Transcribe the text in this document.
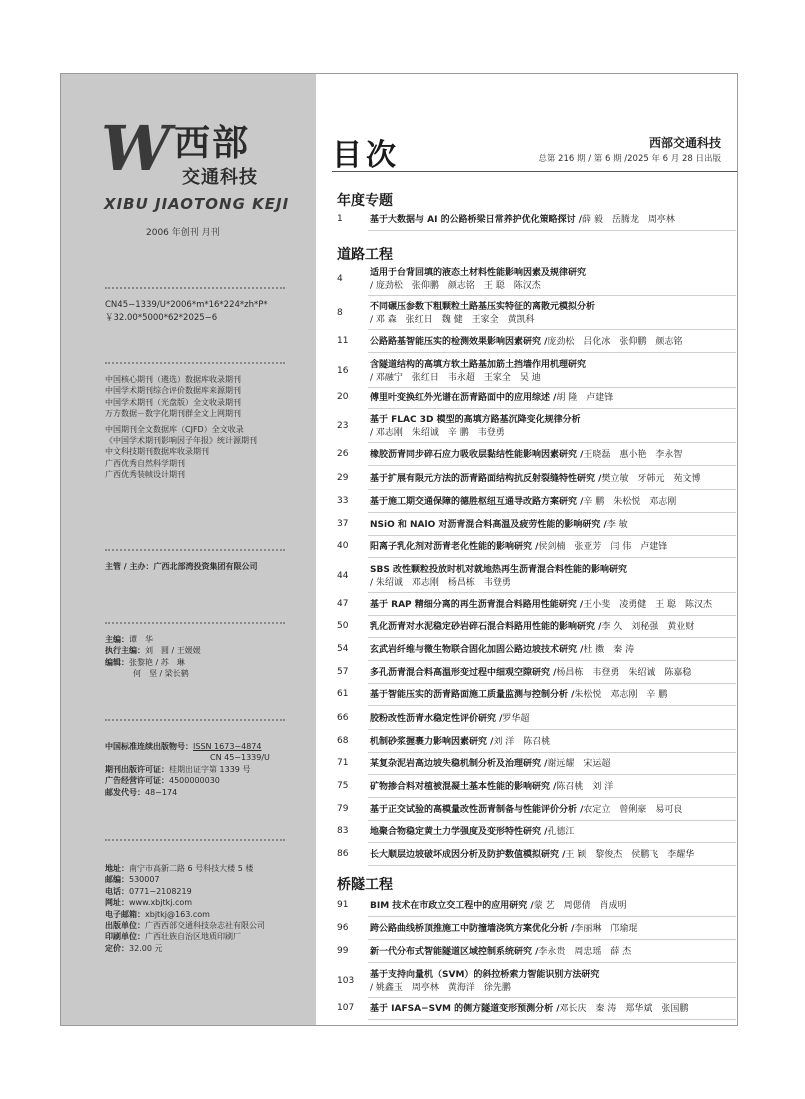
W 西部
交通科技
XIBU JIAOTONG KEJI
2006 年创刊 月刊
CN45−1339/U*2006*m*16*224*zh*P*
￥32.00*5000*62*2025−6
中国核心期刊（遴选）数据库收录期刊
中国学术期刊综合评价数据库来源期刊
中国学术期刊（光盘版）全文收录期刊
万方数据－数字化期刊群全文上网期刊
中国期刊全文数据库（CJFD）全文收录
《中国学术期刊影响因子年报》统计源期刊
中文科技期刊数据库收录期刊
广西优秀自然科学期刊
广西优秀装帧设计期刊
主管 / 主办：广西北部湾投资集团有限公司
主编：谭　华
执行主编：刘　圆 / 王媛媛
编辑：张黎艳 / 苏　琳
何　坚 / 梁长鹤
中国标准连续出版物号：ISSN 1673−4874
CN 45−1339/U
期刊出版许可证：桂期出证字第 1339 号
广告经营许可证：4500000030
邮发代号：48−174
地址：南宁市高新二路 6 号科技大楼 5 楼
邮编：530007
电话：0771−2108219
网址：www.xbjtkj.com
电子邮箱：xbjtkj@163.com
出版单位：广西西部交通科技杂志社有限公司
印刷单位：广西壮族自治区地质印刷厂
定价：32.00 元
目次	西部交通科技
总第 216 期 / 第 6 期 /2025 年 6 月 28 日出版
年度专题
1	基于大数据与 AI 的公路桥梁日常养护优化策略探讨 /薛 毅　岳腾龙　周亭林
道路工程
4
适用于台背回填的液态土材料性能影响因素及规律研究
/ 庞劲松　张仰鹏　颜志铭　王 聪　陈汉杰
8
不同碾压参数下粗颗粒土路基压实特征的离散元模拟分析
/ 邓 森　张红日　魏 健　王家全　黄凯科
11	公路路基智能压实的检测效果影响因素研究 /庞劲松　吕化冰　张仰鹏　颜志铭
16
含隧道结构的高填方软土路基加筋土挡墙作用机理研究
/ 邓融宁　张红日　韦永超　王家全　吴 迪
20	傅里叶变换红外光谱在沥青路面中的应用综述 /胡 隆　卢建锋
23
基于 FLAC 3D 模型的高填方路基沉降变化规律分析
/ 邓志刚　朱绍诚　辛 鹏　韦登勇
26	橡胶沥青同步碎石应力吸收层黏结性能影响因素研究 /王晓磊　惠小艳　李永智
29	基于扩展有限元方法的沥青路面结构抗反射裂缝特性研究 /樊立敏　牙韩元　苑文博
33	基于施工期交通保障的德胜枢纽互通导改路方案研究 /辛 鹏　朱松悦　邓志刚
37	NSiO 和 NAlO 对沥青混合料高温及疲劳性能的影响研究 /李 敏
40	阳离子乳化剂对沥青老化性能的影响研究 /侯剑楠　张亚芳　闫 伟　卢建锋
44
SBS 改性颗粒投放时机对就地热再生沥青混合料性能的影响研究
/ 朱绍诚　邓志刚　杨昌栋　韦登勇
47	基于 RAP 精细分离的再生沥青混合料路用性能研究 /王小斐　凌勇健　王 聪　陈汉杰
50	乳化沥青对水泥稳定砂岩碎石混合料路用性能的影响研究 /李 久　刘秘强　黄业财
54	玄武岩纤维与微生物联合固化加固公路边坡技术研究 /杜 擞　秦 涛
57	多孔沥青混合料高温形变过程中细观空隙研究 /杨昌栋　韦登勇　朱绍诚　陈嘉稳
61	基于智能压实的沥青路面施工质量监测与控制分析 /朱松悦　邓志刚　辛 鹏
66	胶粉改性沥青水稳定性评价研究 /罗华超
68	机制砂浆握裹力影响因素研究 /刘 洋　陈召桃
71	某复杂泥岩高边坡失稳机制分析及治理研究 /谢远耀　宋运超
75	矿物掺合料对植被混凝土基本性能的影响研究 /陈召桃　刘 洋
79	基于正交试验的高模量改性沥青制备与性能评价分析 /农定立　曾俐豪　易可良
83	地聚合物稳定黄土力学强度及变形特性研究 /孔德江
86	长大顺层边坡破坏成因分析及防护数值模拟研究 /王 颖　黎俊杰　侯鹏飞　李耀华
桥隧工程
91	BIM 技术在市政立交工程中的应用研究 /蒙 艺　周偲倩　肖成明
96	跨公路曲线桥顶推施工中防撞墙浇筑方案优化分析 /李丽琳　邝瑜琨
99	新一代分布式智能隧道区域控制系统研究 /李永贵　周忠瑶　薛 杰
103
基于支持向量机（SVM）的斜拉桥索力智能识别方法研究
/ 姚鑫玉　周亭林　黄海洋　徐先鹏
107	基于 IAFSA−SVM 的侧方隧道变形预测分析 /邓长庆　秦 涛　郑华斌　张国鹏
